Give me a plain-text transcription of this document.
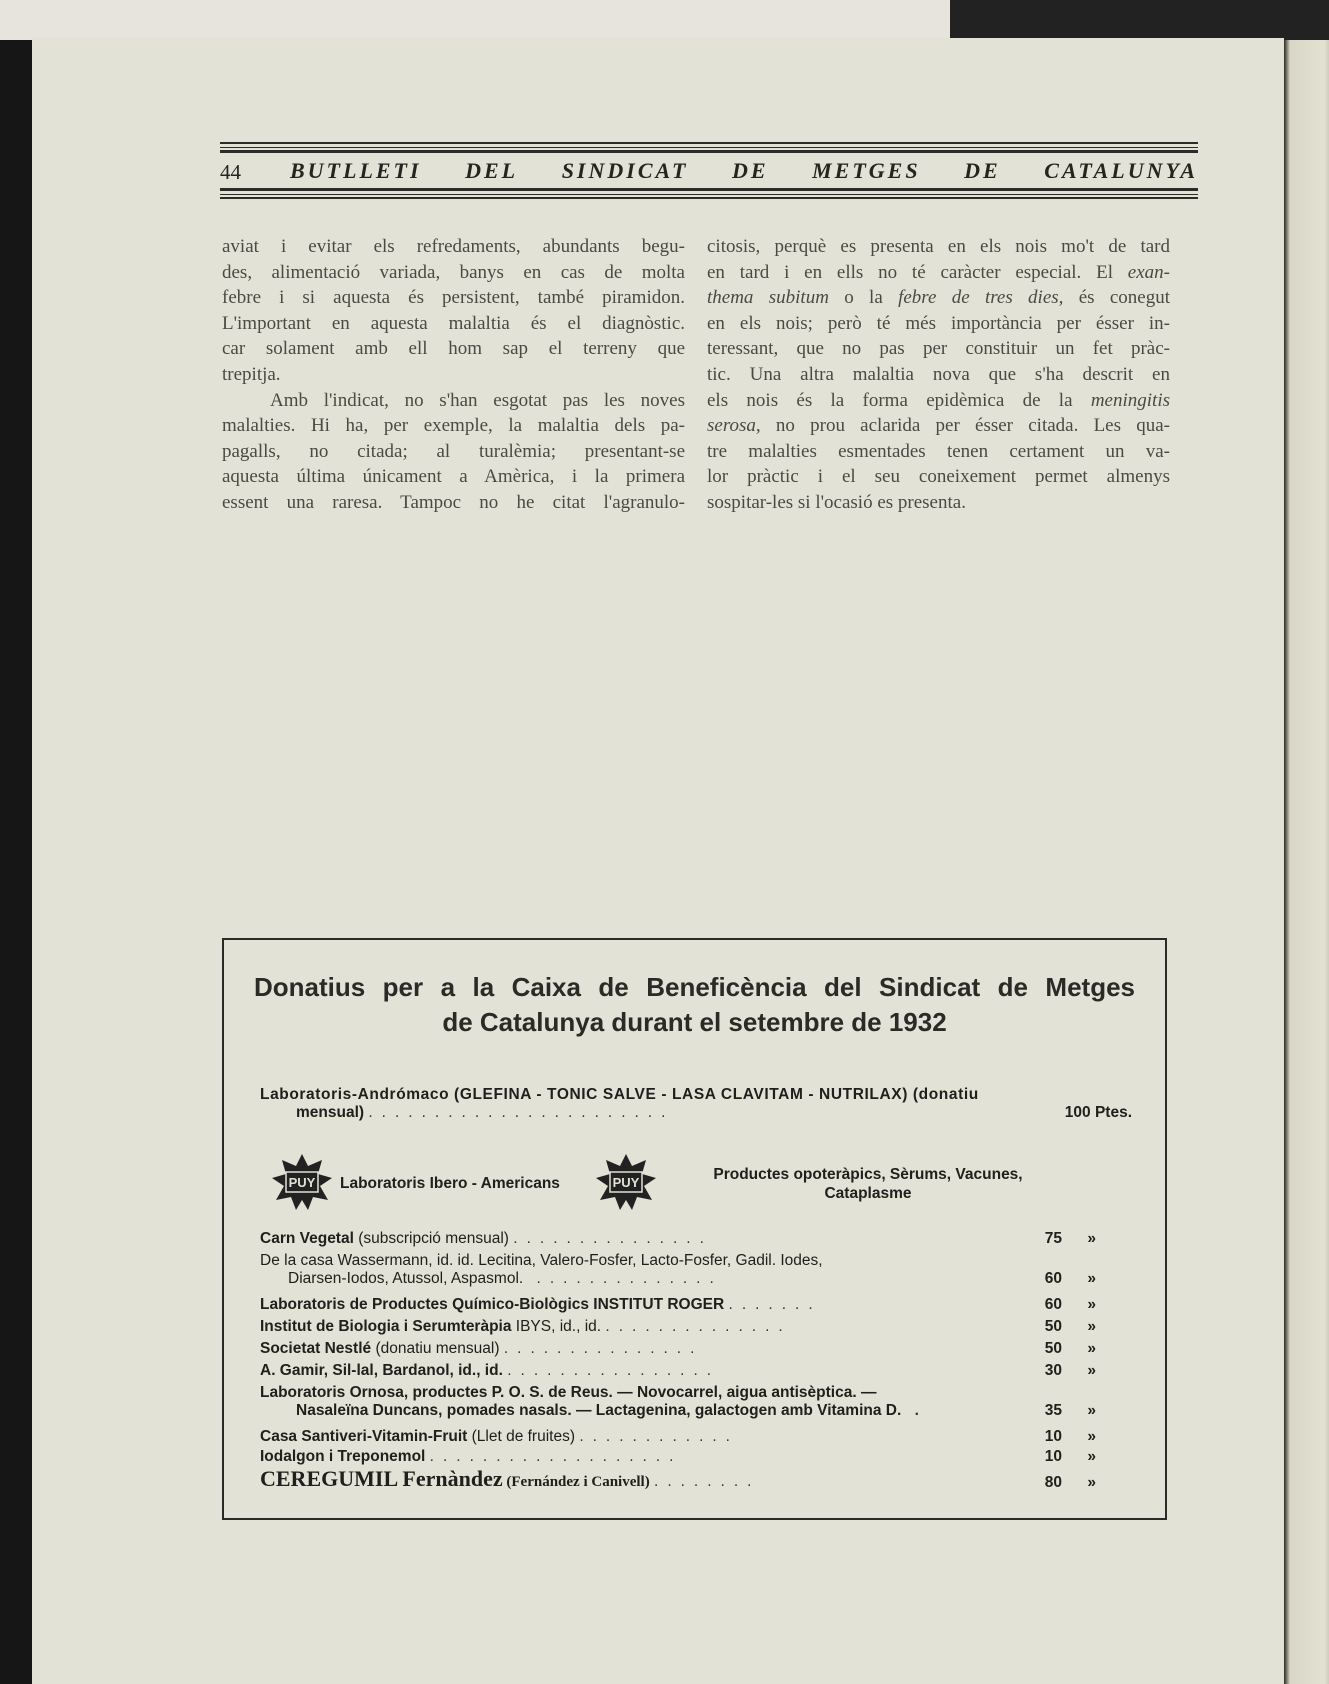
44 BUTLLETI DEL SINDICAT DE METGES DE CATALUNYA
aviat i evitar els refredaments, abundants begu-
des, alimentació variada, banys en cas de molta
febre i si aquesta és persistent, també piramidon.
L'important en aquesta malaltia és el diagnòstic.
car solament amb ell hom sap el terreny que
trepitja.
Amb l'indicat, no s'han esgotat pas les noves
malalties. Hi ha, per exemple, la malaltia dels pa-
pagalls, no citada; al turalèmia; presentant-se
aquesta última únicament a Amèrica, i la primera
essent una raresa. Tampoc no he citat l'agranulo-
citosis, perquè es presenta en els nois mo't de tard
en tard i en ells no té caràcter especial. El exan-
thema subitum o la febre de tres dies, és conegut
en els nois; però té més importància per ésser in-
teressant, que no pas per constituir un fet pràc-
tic. Una altra malaltia nova que s'ha descrit en
els nois és la forma epidèmica de la meningitis
serosa, no prou aclarida per ésser citada. Les qua-
tre malalties esmentades tenen certament un va-
lor pràctic i el seu coneixement permet almenys
sospitar-les si l'ocasió es presenta.
Donatius per a la Caixa de Beneficència del Sindicat de Metges
de Catalunya durant el setembre de 1932
Laboratoris-Andrómaco (GLEFINA - TONIC SALVE - LASA CLAVITAM - NUTRILAX) (donatiu
mensual) .......................	100 Ptes.
PUY Laboratoris Ibero - Americans	PUY	Productes opoteràpics, Sèrums, Vacunes,
Cataplasme
Carn Vegetal (subscripció mensual) ...............	75 »
De la casa Wassermann, id. id. Lecitina, Valero-Fosfer, Lacto-Fosfer, Gadil. Iodes,
Diarsen-Iodos, Atussol, Aspasmol. ..............	60 »
Laboratoris de Productes Químico-Biològics INSTITUT ROGER .......	60 »
Institut de Biologia i Serumteràpia IBYS, id., id. ..............	50 »
Societat Nestlé (donatiu mensual) ...............	50 »
A. Gamir, Sil-lal, Bardanol, id., id. ................	30 »
Laboratoris Ornosa, productes P. O. S. de Reus. — Novocarrel, aigua antisèptica. —
Nasaleïna Duncans, pomades nasals. — Lactagenina, galactogen amb Vitamina D. .	35 »
Casa Santiveri-Vitamin-Fruit (Llet de fruites) ............	10 »
Iodalgon i Treponemol ...................	10 »
CEREGUMIL Fernàndez (Fernández i Canivell) ........	80 »
